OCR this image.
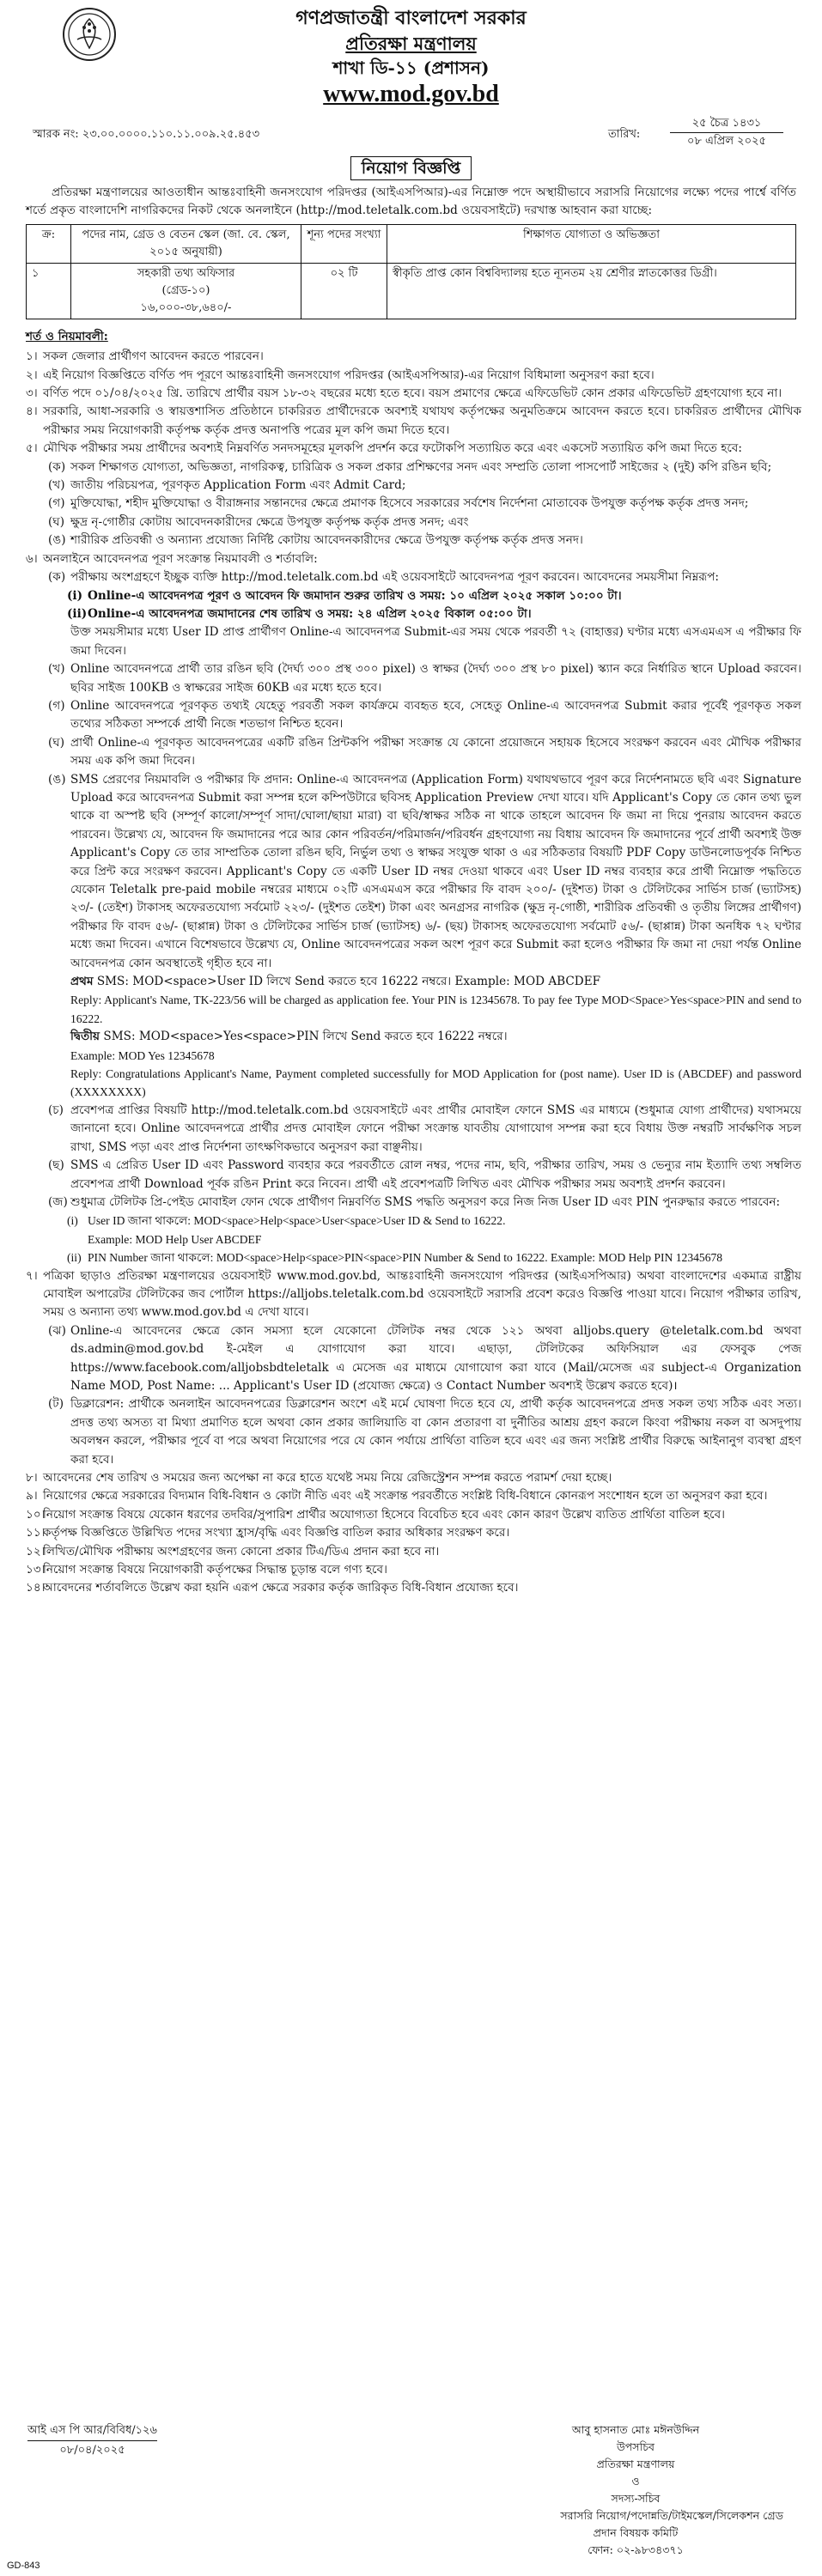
গণপ্রজাতন্ত্রী বাংলাদেশ সরকার
প্রতিরক্ষা মন্ত্রণালয়
শাখা ডি-১১ (প্রশাসন)
www.mod.gov.bd
স্মারক নং: ২৩.০০.০০০০.১১০.১১.০০৯.২৫.৪৫৩	তারিখ:
২৫ চৈত্র ১৪৩১
০৮ এপ্রিল ২০২৫
নিয়োগ বিজ্ঞপ্তি
প্রতিরক্ষা মন্ত্রণালয়ের আওতাধীন আন্তঃবাহিনী জনসংযোগ পরিদপ্তর (আইএসপিআর)-এর নিম্নোক্ত পদে অস্থায়ীভাবে সরাসরি নিয়োগের লক্ষ্যে পদের পার্শ্বে বর্ণিত শর্তে প্রকৃত বাংলাদেশি নাগরিকদের নিকট থেকে অনলাইনে (http://mod.teletalk.com.bd ওয়েবসাইটে) দরখাস্ত আহবান করা যাচ্ছে:
ক্র:	পদের নাম, গ্রেড ও বেতন স্কেল (জা. বে. স্কেল, ২০১৫ অনুযায়ী)	শূন্য পদের সংখ্যা	শিক্ষাগত যোগ্যতা ও অভিজ্ঞতা
১	সহকারী তথ্য অফিসার
(গ্রেড-১০)
১৬,০০০-৩৮,৬৪০/-	০২ টি	স্বীকৃতি প্রাপ্ত কোন বিশ্ববিদ্যালয় হতে ন্যূনতম ২য় শ্রেণীর স্নাতকোত্তর ডিগ্রী।
শর্ত ও নিয়মাবলী:
১। সকল জেলার প্রার্থীগণ আবেদন করতে পারবেন।
২। এই নিয়োগ বিজ্ঞপ্তিতে বর্ণিত পদ পূরণে আন্তঃবাহিনী জনসংযোগ পরিদপ্তর (আইএসপিআর)-এর নিয়োগ বিধিমালা অনুসরণ করা হবে।
৩। বর্ণিত পদে ০১/০৪/২০২৫ খ্রি. তারিখে প্রার্থীর বয়স ১৮-৩২ বছরের মধ্যে হতে হবে। বয়স প্রমাণের ক্ষেত্রে এফিডেভিট কোন প্রকার এফিডেভিট গ্রহণযোগ্য হবে না।
৪। সরকারি, আধা-সরকারি ও স্বায়ত্তশাসিত প্রতিষ্ঠানে চাকরিরত প্রার্থীদেরকে অবশ্যই যথাযথ কর্তৃপক্ষের অনুমতিক্রমে আবেদন করতে হবে। চাকরিরত প্রার্থীদের মৌখিক পরীক্ষার সময় নিয়োগকারী কর্তৃপক্ষ কর্তৃক প্রদত্ত অনাপত্তি পত্রের মূল কপি জমা দিতে হবে।
৫। মৌখিক পরীক্ষার সময় প্রার্থীদের অবশ্যই নিম্নবর্ণিত সনদসমূহের মূলকপি প্রদর্শন করে ফটোকপি সত্যায়িত করে এবং একসেট সত্যায়িত কপি জমা দিতে হবে:
(ক) সকল শিক্ষাগত যোগ্যতা, অভিজ্ঞতা, নাগরিকত্ব, চারিত্রিক ও সকল প্রকার প্রশিক্ষণের সনদ এবং সম্প্রতি তোলা পাসপোর্ট সাইজের ২ (দুই) কপি রঙিন ছবি;
(খ) জাতীয় পরিচয়পত্র, পূরণকৃত Application Form এবং Admit Card;
(গ) মুক্তিযোদ্ধা, শহীদ মুক্তিযোদ্ধা ও বীরাঙ্গনার সন্তানদের ক্ষেত্রে প্রমাণক হিসেবে সরকারের সর্বশেষ নির্দেশনা মোতাবেক উপযুক্ত কর্তৃপক্ষ কর্তৃক প্রদত্ত সনদ;
(ঘ) ক্ষুদ্র নৃ-গোষ্ঠীর কোটায় আবেদনকারীদের ক্ষেত্রে উপযুক্ত কর্তৃপক্ষ কর্তৃক প্রদত্ত সনদ; এবং
(ঙ) শারীরিক প্রতিবন্ধী ও অন্যান্য প্রযোজ্য নির্দিষ্ট কোটায় আবেদনকারীদের ক্ষেত্রে উপযুক্ত কর্তৃপক্ষ কর্তৃক প্রদত্ত সনদ।
৬। অনলাইনে আবেদনপত্র পূরণ সংক্রান্ত নিয়মাবলী ও শর্তাবলি:
(ক) পরীক্ষায় অংশগ্রহণে ইচ্ছুক ব্যক্তি http://mod.teletalk.com.bd এই ওয়েবসাইটে আবেদনপত্র পূরণ করবেন। আবেদনের সময়সীমা নিম্নরূপ:
(i) Online-এ আবেদনপত্র পূরণ ও আবেদন ফি জমাদান শুরুর তারিখ ও সময়: ১০ এপ্রিল ২০২৫ সকাল ১০:০০ টা।
(ii) Online-এ আবেদনপত্র জমাদানের শেষ তারিখ ও সময়: ২৪ এপ্রিল ২০২৫ বিকাল ০৫:০০ টা।
উক্ত সময়সীমার মধ্যে User ID প্রাপ্ত প্রার্থীগণ Online-এ আবেদনপত্র Submit-এর সময় থেকে পরবর্তী ৭২ (বাহাত্তর) ঘণ্টার মধ্যে এসএমএস এ পরীক্ষার ফি জমা দিবেন।
(খ) Online আবেদনপত্রে প্রার্থী তার রঙিন ছবি (দৈর্ঘ্য ৩০০ প্রস্থ ৩০০ pixel) ও স্বাক্ষর (দৈর্ঘ্য ৩০০ প্রস্থ ৮০ pixel) স্ক্যান করে নির্ধারিত স্থানে Upload করবেন। ছবির সাইজ 100KB ও স্বাক্ষরের সাইজ 60KB এর মধ্যে হতে হবে।
(গ) Online আবেদনপত্রে পূরণকৃত তথ্যই যেহেতু পরবর্তী সকল কার্যক্রমে ব্যবহৃত হবে, সেহেতু Online-এ আবেদনপত্র Submit করার পূর্বেই পূরণকৃত সকল তথ্যের সঠিকতা সম্পর্কে প্রার্থী নিজে শতভাগ নিশ্চিত হবেন।
(ঘ) প্রার্থী Online-এ পূরণকৃত আবেদনপত্রের একটি রঙিন প্রিন্টকপি পরীক্ষা সংক্রান্ত যে কোনো প্রয়োজনে সহায়ক হিসেবে সংরক্ষণ করবেন এবং মৌখিক পরীক্ষার সময় এক কপি জমা দিবেন।
(ঙ) SMS প্রেরণের নিয়মাবলি ও পরীক্ষার ফি প্রদান: Online-এ আবেদনপত্র (Application Form) যথাযথভাবে পূরণ করে নির্দেশনামতে ছবি এবং Signature Upload করে আবেদনপত্র Submit করা সম্পন্ন হলে কম্পিউটারে ছবিসহ Application Preview দেখা যাবে। যদি Applicant's Copy তে কোন তথ্য ভুল থাকে বা অস্পষ্ট ছবি (সম্পূর্ণ কালো/সম্পূর্ণ সাদা/ঘোলা/ছায়া মারা) বা ছবি/স্বাক্ষর সঠিক না থাকে তাহলে আবেদন ফি জমা না দিয়ে পুনরায় আবেদন করতে পারবেন। উল্লেখ্য যে, আবেদন ফি জমাদানের পরে আর কোন পরিবর্তন/পরিমার্জন/পরিবর্ধন গ্রহণযোগ্য নয় বিধায় আবেদন ফি জমাদানের পূর্বে প্রার্থী অবশ্যই উক্ত Applicant's Copy তে তার সাম্প্রতিক তোলা রঙিন ছবি, নির্ভুল তথ্য ও স্বাক্ষর সংযুক্ত থাকা ও এর সঠিকতার বিষয়টি PDF Copy ডাউনলোডপূর্বক নিশ্চিত করে প্রিন্ট করে সংরক্ষণ করবেন। Applicant's Copy তে একটি User ID নম্বর দেওয়া থাকবে এবং User ID নম্বর ব্যবহার করে প্রার্থী নিম্নোক্ত পদ্ধতিতে যেকোন Teletalk pre-paid mobile নম্বরের মাধ্যমে ০২টি এসএমএস করে পরীক্ষার ফি বাবদ ২০০/- (দুইশত) টাকা ও টেলিটকের সার্ভিস চার্জ (ভ্যাটসহ) ২৩/- (তেইশ) টাকাসহ অফেরতযোগ্য সর্বমোট ২২৩/- (দুইশত তেইশ) টাকা এবং অনগ্রসর নাগরিক (ক্ষুদ্র নৃ-গোষ্ঠী, শারীরিক প্রতিবন্ধী ও তৃতীয় লিঙ্গের প্রার্থীগণ) পরীক্ষার ফি বাবদ ৫৬/- (ছাপ্পান্ন) টাকা ও টেলিটকের সার্ভিস চার্জ (ভ্যাটসহ) ৬/- (ছয়) টাকাসহ অফেরতযোগ্য সর্বমোট ৫৬/- (ছাপ্পান্ন) টাকা অনধিক ৭২ ঘণ্টার মধ্যে জমা দিবেন। এখানে বিশেষভাবে উল্লেখ্য যে, Online আবেদনপত্রের সকল অংশ পূরণ করে Submit করা হলেও পরীক্ষার ফি জমা না দেয়া পর্যন্ত Online আবেদনপত্র কোন অবস্থাতেই গৃহীত হবে না।
প্রথম SMS: MOD<space>User ID লিখে Send করতে হবে 16222 নম্বরে। Example: MOD ABCDEF
Reply: Applicant's Name, TK-223/56 will be charged as application fee. Your PIN is 12345678. To pay fee Type MOD<Space>Yes<space>PIN and send to 16222.
দ্বিতীয় SMS: MOD<space>Yes<space>PIN লিখে Send করতে হবে 16222 নম্বরে।
Example: MOD Yes 12345678
Reply: Congratulations Applicant's Name, Payment completed successfully for MOD Application for (post name). User ID is (ABCDEF) and password (XXXXXXXX)
(চ) প্রবেশপত্র প্রাপ্তির বিষয়টি http://mod.teletalk.com.bd ওয়েবসাইটে এবং প্রার্থীর মোবাইল ফোনে SMS এর মাধ্যমে (শুধুমাত্র যোগ্য প্রার্থীদের) যথাসময়ে জানানো হবে। Online আবেদনপত্রে প্রার্থীর প্রদত্ত মোবাইল ফোনে পরীক্ষা সংক্রান্ত যাবতীয় যোগাযোগ সম্পন্ন করা হবে বিধায় উক্ত নম্বরটি সার্বক্ষণিক সচল রাখা, SMS পড়া এবং প্রাপ্ত নির্দেশনা তাৎক্ষণিকভাবে অনুসরণ করা বাঞ্ছনীয়।
(ছ) SMS এ প্রেরিত User ID এবং Password ব্যবহার করে পরবর্তীতে রোল নম্বর, পদের নাম, ছবি, পরীক্ষার তারিখ, সময় ও ভেন্যুর নাম ইত্যাদি তথ্য সম্বলিত প্রবেশপত্র প্রার্থী Download পূর্বক রঙিন Print করে নিবেন। প্রার্থী এই প্রবেশপত্রটি লিখিত এবং মৌখিক পরীক্ষার সময় অবশ্যই প্রদর্শন করবেন।
(জ) শুধুমাত্র টেলিটক প্রি-পেইড মোবাইল ফোন থেকে প্রার্থীগণ নিম্নবর্ণিত SMS পদ্ধতি অনুসরণ করে নিজ নিজ User ID এবং PIN পুনরুদ্ধার করতে পারবেন:
(i) User ID জানা থাকলে: MOD<space>Help<space>User<space>User ID & Send to 16222.
Example: MOD Help User ABCDEF
(ii) PIN Number জানা থাকলে: MOD<space>Help<space>PIN<space>PIN Number & Send to 16222. Example: MOD Help PIN 12345678
৭। পত্রিকা ছাড়াও প্রতিরক্ষা মন্ত্রণালয়ের ওয়েবসাইট www.mod.gov.bd, আন্তঃবাহিনী জনসংযোগ পরিদপ্তর (আইএসপিআর) অথবা বাংলাদেশের একমাত্র রাষ্ট্রীয় মোবাইল অপারেটর টেলিটকের জব পোর্টাল https://alljobs.teletalk.com.bd ওয়েবসাইটে সরাসরি প্রবেশ করেও বিজ্ঞপ্তি পাওয়া যাবে। নিয়োগ পরীক্ষার তারিখ, সময় ও অন্যান্য তথ্য www.mod.gov.bd এ দেখা যাবে।
(ঝ) Online-এ আবেদনের ক্ষেত্রে কোন সমস্যা হলে যেকোনো টেলিটক নম্বর থেকে ১২১ অথবা alljobs.query @teletalk.com.bd অথবা ds.admin@mod.gov.bd ই-মেইল এ যোগাযোগ করা যাবে। এছাড়া, টেলিটকের অফিসিয়াল এর ফেসবুক পেজ https://www.facebook.com/alljobsbdteletalk এ মেসেজ এর মাধ্যমে যোগাযোগ করা যাবে (Mail/মেসেজ এর subject-এ Organization Name MOD, Post Name: ... Applicant's User ID (প্রযোজ্য ক্ষেত্রে) ও Contact Number অবশ্যই উল্লেখ করতে হবে)।
(ট) ডিক্লারেশন: প্রার্থীকে অনলাইন আবেদনপত্রের ডিক্লারেশন অংশে এই মর্মে ঘোষণা দিতে হবে যে, প্রার্থী কর্তৃক আবেদনপত্রে প্রদত্ত সকল তথ্য সঠিক এবং সত্য। প্রদত্ত তথ্য অসত্য বা মিথ্যা প্রমাণিত হলে অথবা কোন প্রকার জালিয়াতি বা কোন প্রতারণা বা দুর্নীতির আশ্রয় গ্রহণ করলে কিংবা পরীক্ষায় নকল বা অসদুপায় অবলম্বন করলে, পরীক্ষার পূর্বে বা পরে অথবা নিয়োগের পরে যে কোন পর্যায়ে প্রার্থিতা বাতিল হবে এবং এর জন্য সংশ্লিষ্ট প্রার্থীর বিরুদ্ধে আইনানুগ ব্যবস্থা গ্রহণ করা হবে।
৮। আবেদনের শেষ তারিখ ও সময়ের জন্য অপেক্ষা না করে হাতে যথেষ্ট সময় নিয়ে রেজিস্ট্রেশন সম্পন্ন করতে পরামর্শ দেয়া হচ্ছে।
৯। নিয়োগের ক্ষেত্রে সরকারের বিদ্যমান বিধি-বিধান ও কোটা নীতি এবং এই সংক্রান্ত পরবর্তীতে সংশ্লিষ্ট বিধি-বিধানে কোনরূপ সংশোধন হলে তা অনুসরণ করা হবে।
১০।
নিয়োগ সংক্রান্ত বিষয়ে যেকোন ধরণের তদবির/সুপারিশ প্রার্থীর অযোগ্যতা হিসেবে বিবেচিত হবে এবং কোন কারণ উল্লেখ ব্যতিত প্রার্থিতা বাতিল হবে।
১১।
কর্তৃপক্ষ বিজ্ঞপ্তিতে উল্লিখিত পদের সংখ্যা হ্রাস/বৃদ্ধি এবং বিজ্ঞপ্তি বাতিল করার অধিকার সংরক্ষণ করে।
১২।
লিখিত/মৌখিক পরীক্ষায় অংশগ্রহণের জন্য কোনো প্রকার টিএ/ডিএ প্রদান করা হবে না।
১৩।
নিয়োগ সংক্রান্ত বিষয়ে নিয়োগকারী কর্তৃপক্ষের সিদ্ধান্ত চূড়ান্ত বলে গণ্য হবে।
১৪।
আবেদনের শর্তাবলিতে উল্লেখ করা হয়নি এরূপ ক্ষেত্রে সরকার কর্তৃক জারিকৃত বিধি-বিধান প্রযোজ্য হবে।
আই এস পি আর/বিবিধ/১২৬
০৮/০৪/২০২৫
আবু হাসনাত মোঃ মঈনউদ্দিন
উপসচিব
প্রতিরক্ষা মন্ত্রণালয়
ও
সদস্য-সচিব
সরাসরি নিয়োগ/পদোন্নতি/টাইমস্কেল/সিলেকশন গ্রেড
প্রদান বিষয়ক কমিটি
ফোন: ০২-৯৮৩৪৩৭১
GD-843
